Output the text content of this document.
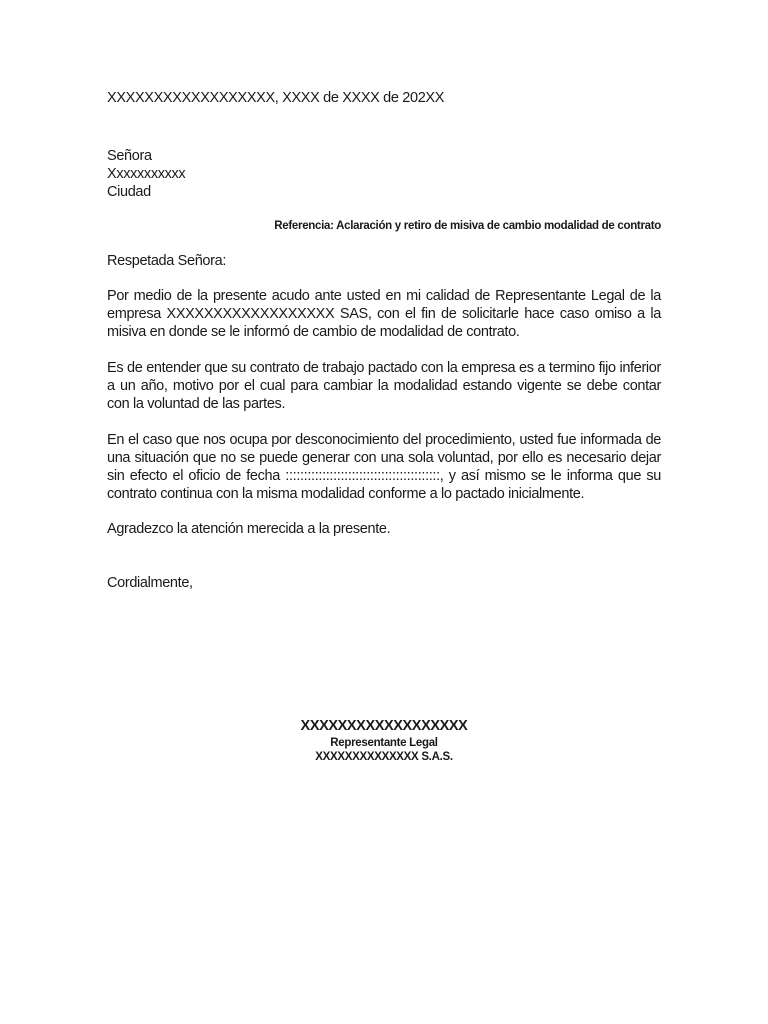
XXXXXXXXXXXXXXXXXX, XXXX de XXXX de 202XX
Señora
Xxxxxxxxxxx
Ciudad
Referencia: Aclaración y retiro de misiva de cambio modalidad de contrato
Respetada Señora:

Por medio de la presente acudo ante usted en mi calidad de Representante Legal de la empresa XXXXXXXXXXXXXXXXXX SAS, con el fin de solicitarle hace caso omiso a la misiva en donde se le informó de cambio de modalidad de contrato.

Es de entender que su contrato de trabajo pactado con la empresa es a termino fijo inferior a un año, motivo por el cual para cambiar la modalidad estando vigente se debe contar con la voluntad de las partes.

En el caso que nos ocupa por desconocimiento del procedimiento, usted fue informada de una situación que no se puede generar con una sola voluntad, por ello es necesario dejar sin efecto el oficio de fecha ::::::::::::::::::::::::::::::::::::::::::, y así mismo se le informa que su contrato continua con la misma modalidad conforme a lo pactado inicialmente.

Agradezco la atención merecida a la presente.

Cordialmente,
XXXXXXXXXXXXXXXXXX
Representante Legal
XXXXXXXXXXXXXX S.A.S.
